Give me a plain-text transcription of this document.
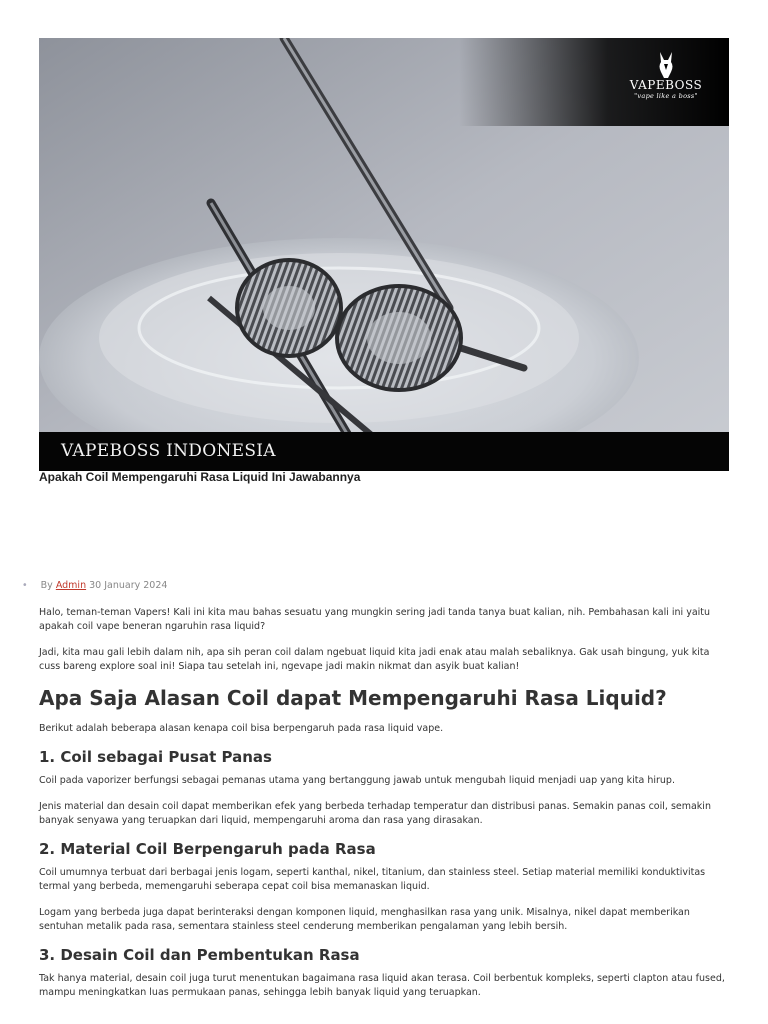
VAPEBOSS
"vape like a boss"
VAPEBOSS INDONESIA
Apakah Coil Mempengaruhi Rasa Liquid Ini Jawabannya
• By Admin 30 January 2024

Halo, teman-teman Vapers! Kali ini kita mau bahas sesuatu yang mungkin sering jadi tanda tanya buat kalian, nih. Pembahasan kali ini yaitu apakah coil vape beneran ngaruhin rasa liquid?

Jadi, kita mau gali lebih dalam nih, apa sih peran coil dalam ngebuat liquid kita jadi enak atau malah sebaliknya. Gak usah bingung, yuk kita cuss bareng explore soal ini! Siapa tau setelah ini, ngevape jadi makin nikmat dan asyik buat kalian!

Apa Saja Alasan Coil dapat Mempengaruhi Rasa Liquid?

Berikut adalah beberapa alasan kenapa coil bisa berpengaruh pada rasa liquid vape.

1. Coil sebagai Pusat Panas

Coil pada vaporizer berfungsi sebagai pemanas utama yang bertanggung jawab untuk mengubah liquid menjadi uap yang kita hirup.

Jenis material dan desain coil dapat memberikan efek yang berbeda terhadap temperatur dan distribusi panas. Semakin panas coil, semakin banyak senyawa yang teruapkan dari liquid, mempengaruhi aroma dan rasa yang dirasakan.

2. Material Coil Berpengaruh pada Rasa

Coil umumnya terbuat dari berbagai jenis logam, seperti kanthal, nikel, titanium, dan stainless steel. Setiap material memiliki konduktivitas termal yang berbeda, memengaruhi seberapa cepat coil bisa memanaskan liquid.

Logam yang berbeda juga dapat berinteraksi dengan komponen liquid, menghasilkan rasa yang unik. Misalnya, nikel dapat memberikan sentuhan metalik pada rasa, sementara stainless steel cenderung memberikan pengalaman yang lebih bersih.

3. Desain Coil dan Pembentukan Rasa

Tak hanya material, desain coil juga turut menentukan bagaimana rasa liquid akan terasa. Coil berbentuk kompleks, seperti clapton atau fused, mampu meningkatkan luas permukaan panas, sehingga lebih banyak liquid yang teruapkan.
